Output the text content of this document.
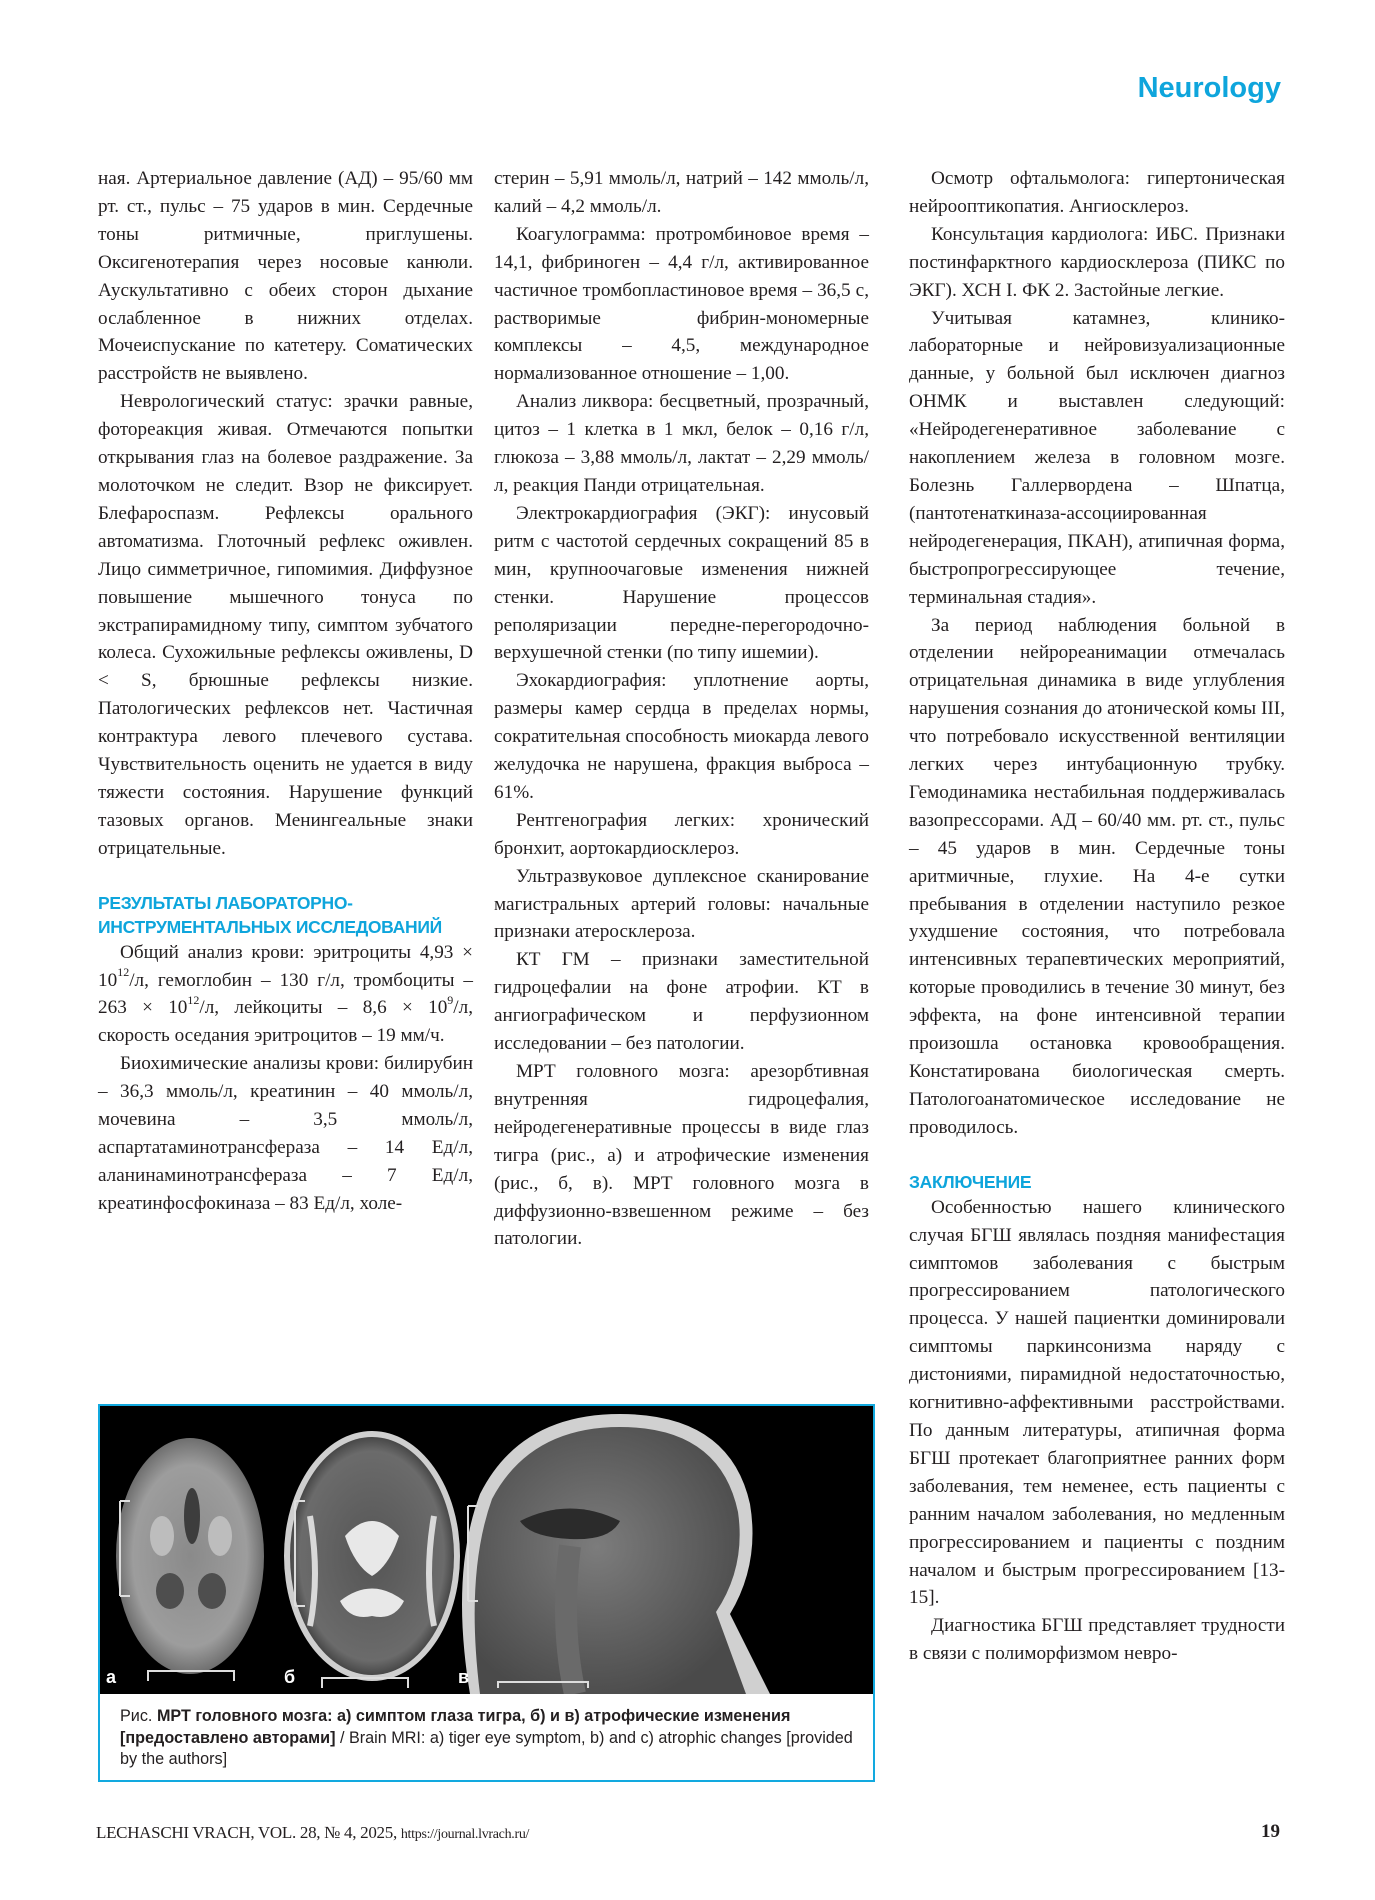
Neurology

ная. Артериальное давление (АД) – 95/60 мм рт. ст., пульс – 75 ударов в мин. Сердечные тоны ритмичные, приглушены. Оксигенотерапия через носовые канюли. Аускультативно с обеих сторон дыхание ослабленное в нижних отделах. Мочеиспускание по катетеру. Соматических расстройств не выявлено.

Неврологический статус: зрачки равные, фотореакция живая. Отмечаются попытки открывания глаз на болевое раздражение. За молоточком не следит. Взор не фиксирует. Блефароспазм. Рефлексы орального автоматизма. Глоточный рефлекс оживлен. Лицо симметричное, гипомимия. Диффузное повышение мышечного тонуса по экстрапирамидному типу, симптом зубчатого колеса. Сухожильные рефлексы оживлены, D < S, брюшные рефлексы низкие. Патологических рефлексов нет. Частичная контрактура левого плечевого сустава. Чувствительность оценить не удается в виду тяжести состояния. Нарушение функций тазовых органов. Менингеальные знаки отрицательные.

РЕЗУЛЬТАТЫ ЛАБОРАТОРНО-ИНСТРУМЕНТАЛЬНЫХ ИССЛЕДОВАНИЙ

Общий анализ крови: эритроциты $4,93 \times 10^{12}/л$, гемоглобин – 130 г/л, тромбоциты – $263 \times 10^{12}/л$, лейкоциты – $8,6 \times 10^9/л$, скорость оседания эритроцитов – 19 мм/ч.

Биохимические анализы крови: билирубин – 36,3 ммоль/л, креатинин – 40 ммоль/л, мочевина – 3,5 ммоль/л, аспартатаминотрансфераза – 14 Ед/л, аланинаминотрансфераза – 7 Ед/л, креатинфосфокиназа – 83 Ед/л, холе-

стерин – 5,91 ммоль/л, натрий – 142 ммоль/л, калий – 4,2 ммоль/л.

Коагулограмма: протромбиновое время – 14,1, фибриноген – 4,4 г/л, активированное частичное тромбопластиновое время – 36,5 с, растворимые фибрин-мономерные комплексы – 4,5, международное нормализованное отношение – 1,00.

Анализ ликвора: бесцветный, прозрачный, цитоз – 1 клетка в 1 мкл, белок – 0,16 г/л, глюкоза – 3,88 ммоль/л, лактат – 2,29 ммоль/л, реакция Панди отрицательная.

Электрокардиография (ЭКГ): инусовый ритм с частотой сердечных сокращений 85 в мин, крупноочаговые изменения нижней стенки. Нарушение процессов реполяризации передне-перегородочно-верхушечной стенки (по типу ишемии).

Эхокардиография: уплотнение аорты, размеры камер сердца в пределах нормы, сократительная способность миокарда левого желудочка не нарушена, фракция выброса – 61%.

Рентгенография легких: хронический бронхит, аортокардиосклероз.

Ультразвуковое дуплексное сканирование магистральных артерий головы: начальные признаки атеросклероза.

КТ ГМ – признаки заместительной гидроцефалии на фоне атрофии. КТ в ангиографическом и перфузионном исследовании – без патологии.

МРТ головного мозга: арезорбтивная внутренняя гидроцефалия, нейродегенеративные процессы в виде глаз тигра (рис., а) и атрофические изменения (рис., б, в). МРТ головного мозга в диффузионно-взвешенном режиме – без патологии.

Осмотр офтальмолога: гипертоническая нейрооптикопатия. Ангиосклероз.

Консультация кардиолога: ИБС. Признаки постинфарктного кардиосклероза (ПИКС по ЭКГ). ХСН I. ФК 2. Застойные легкие.

Учитывая катамнез, клинико-лабораторные и нейровизуализационные данные, у больной был исключен диагноз ОНМК и выставлен следующий: «Нейродегенеративное заболевание с накоплением железа в головном мозге. Болезнь Галлервордена – Шпатца, (пантотенаткиназа-ассоциированная нейродегенерация, ПКАН), атипичная форма, быстропрогрессирующее течение, терминальная стадия».

За период наблюдения больной в отделении нейрореанимации отмечалась отрицательная динамика в виде углубления нарушения сознания до атонической комы III, что потребовало искусственной вентиляции легких через интубационную трубку. Гемодинамика нестабильная поддерживалась вазопрессорами. АД – 60/40 мм. рт. ст., пульс – 45 ударов в мин. Сердечные тоны аритмичные, глухие. На 4-е сутки пребывания в отделении наступило резкое ухудшение состояния, что потребовала интенсивных терапевтических мероприятий, которые проводились в течение 30 минут, без эффекта, на фоне интенсивной терапии произошла остановка кровообращения. Констатирована биологическая смерть. Патологоанатомическое исследование не проводилось.

ЗАКЛЮЧЕНИЕ

Особенностью нашего клинического случая БГШ являлась поздняя манифестация симптомов заболевания с быстрым прогрессированием патологического процесса. У нашей пациентки доминировали симптомы паркинсонизма наряду с дистониями, пирамидной недостаточностью, когнитивно-аффективными расстройствами. По данным литературы, атипичная форма БГШ протекает благоприятнее ранних форм заболевания, тем неменее, есть пациенты с ранним началом заболевания, но медленным прогрессированием и пациенты с поздним началом и быстрым прогрессированием [13-15].

Диагностика БГШ представляет трудности в связи с полиморфизмом невро-

а	б	в
Рис. МРТ головного мозга: а) симптом глаза тигра, б) и в) атрофические изменения [предоставлено авторами] / Brain MRI: a) tiger eye symptom, b) and c) atrophic changes [provided by the authors]
LECHASCHI VRACH, VOL. 28, № 4, 2025, https://journal.lvrach.ru/	19
